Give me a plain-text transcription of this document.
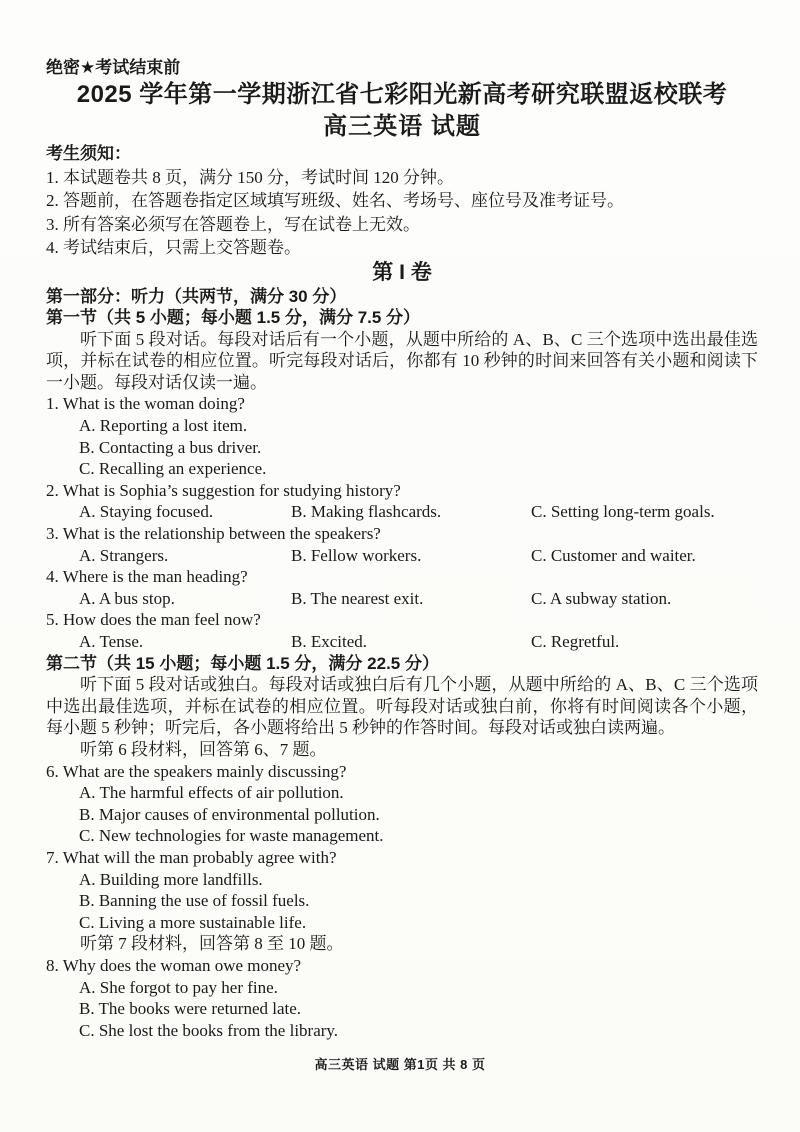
绝密★考试结束前
2025 学年第一学期浙江省七彩阳光新高考研究联盟返校联考
高三英语 试题
考生须知：
1. 本试题卷共 8 页，满分 150 分，考试时间 120 分钟。
2. 答题前，在答题卷指定区域填写班级、姓名、考场号、座位号及准考证号。
3. 所有答案必须写在答题卷上，写在试卷上无效。
4. 考试结束后，只需上交答题卷。
第 I 卷
第一部分：听力（共两节，满分 30 分）
第一节（共 5 小题；每小题 1.5 分，满分 7.5 分）
听下面 5 段对话。每段对话后有一个小题，从题中所给的 A、B、C 三个选项中选出最佳选项，并标在试卷的相应位置。听完每段对话后，你都有 10 秒钟的时间来回答有关小题和阅读下一小题。每段对话仅读一遍。
1. What is the woman doing?
A. Reporting a lost item.
B. Contacting a bus driver.
C. Recalling an experience.
2. What is Sophia’s suggestion for studying history?
A. Staying focused.	B. Making flashcards.	C. Setting long-term goals.
3. What is the relationship between the speakers?
A. Strangers.	B. Fellow workers.	C. Customer and waiter.
4. Where is the man heading?
A. A bus stop.	B. The nearest exit.	C. A subway station.
5. How does the man feel now?
A. Tense.	B. Excited.	C. Regretful.
第二节（共 15 小题；每小题 1.5 分，满分 22.5 分）
听下面 5 段对话或独白。每段对话或独白后有几个小题，从题中所给的 A、B、C 三个选项中选出最佳选项，并标在试卷的相应位置。听每段对话或独白前，你将有时间阅读各个小题，每小题 5 秒钟；听完后，各小题将给出 5 秒钟的作答时间。每段对话或独白读两遍。
听第 6 段材料，回答第 6、7 题。
6. What are the speakers mainly discussing?
A. The harmful effects of air pollution.
B. Major causes of environmental pollution.
C. New technologies for waste management.
7. What will the man probably agree with?
A. Building more landfills.
B. Banning the use of fossil fuels.
C. Living a more sustainable life.
听第 7 段材料，回答第 8 至 10 题。
8. Why does the woman owe money?
A. She forgot to pay her fine.
B. The books were returned late.
C. She lost the books from the library.
高三英语 试题 第1页 共 8 页
